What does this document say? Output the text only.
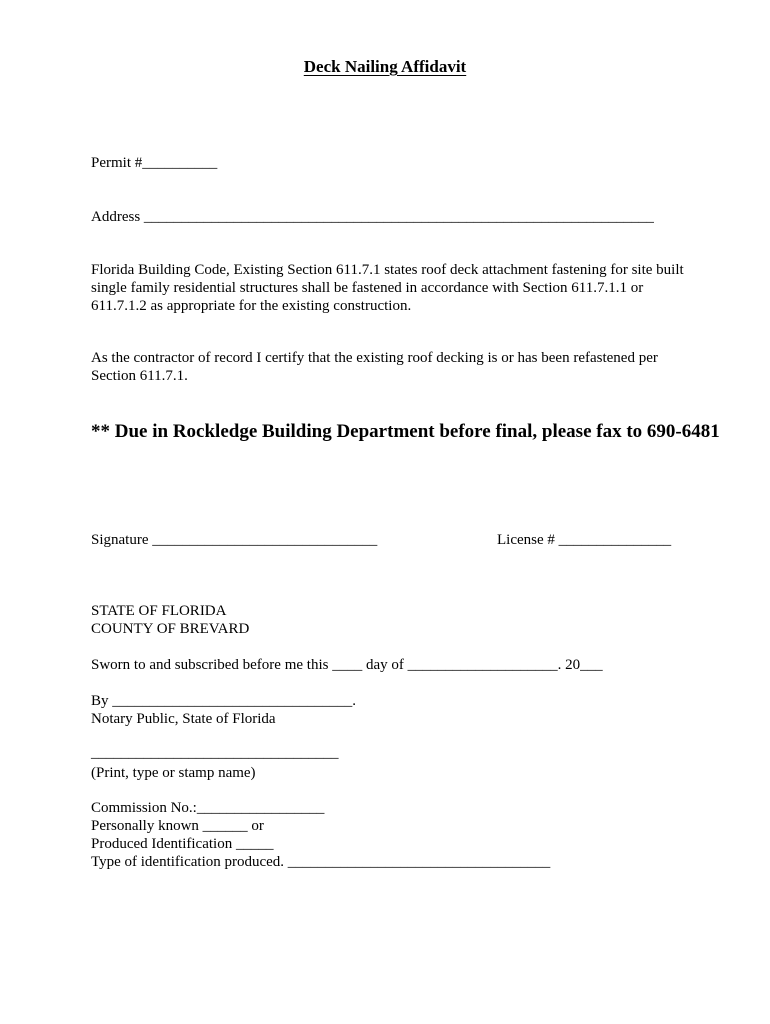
Deck Nailing Affidavit
Permit #__________
Address ____________________________________________________________________
Florida Building Code, Existing Section 611.7.1 states roof deck attachment fastening for site built
single family residential structures shall be fastened in accordance with Section 611.7.1.1 or
611.7.1.2 as appropriate for the existing construction.
As the contractor of record I certify that the existing roof decking is or has been refastened per
Section 611.7.1.
** Due in Rockledge Building Department before final, please fax to 690-6481
Signature ______________________________	License # _______________
STATE OF FLORIDA
COUNTY OF BREVARD
Sworn to and subscribed before me this ____ day of ____________________. 20___
By ________________________________.
Notary Public, State of Florida
_________________________________
(Print, type or stamp name)
Commission No.:_________________
Personally known ______ or
Produced Identification _____
Type of identification produced. ___________________________________
